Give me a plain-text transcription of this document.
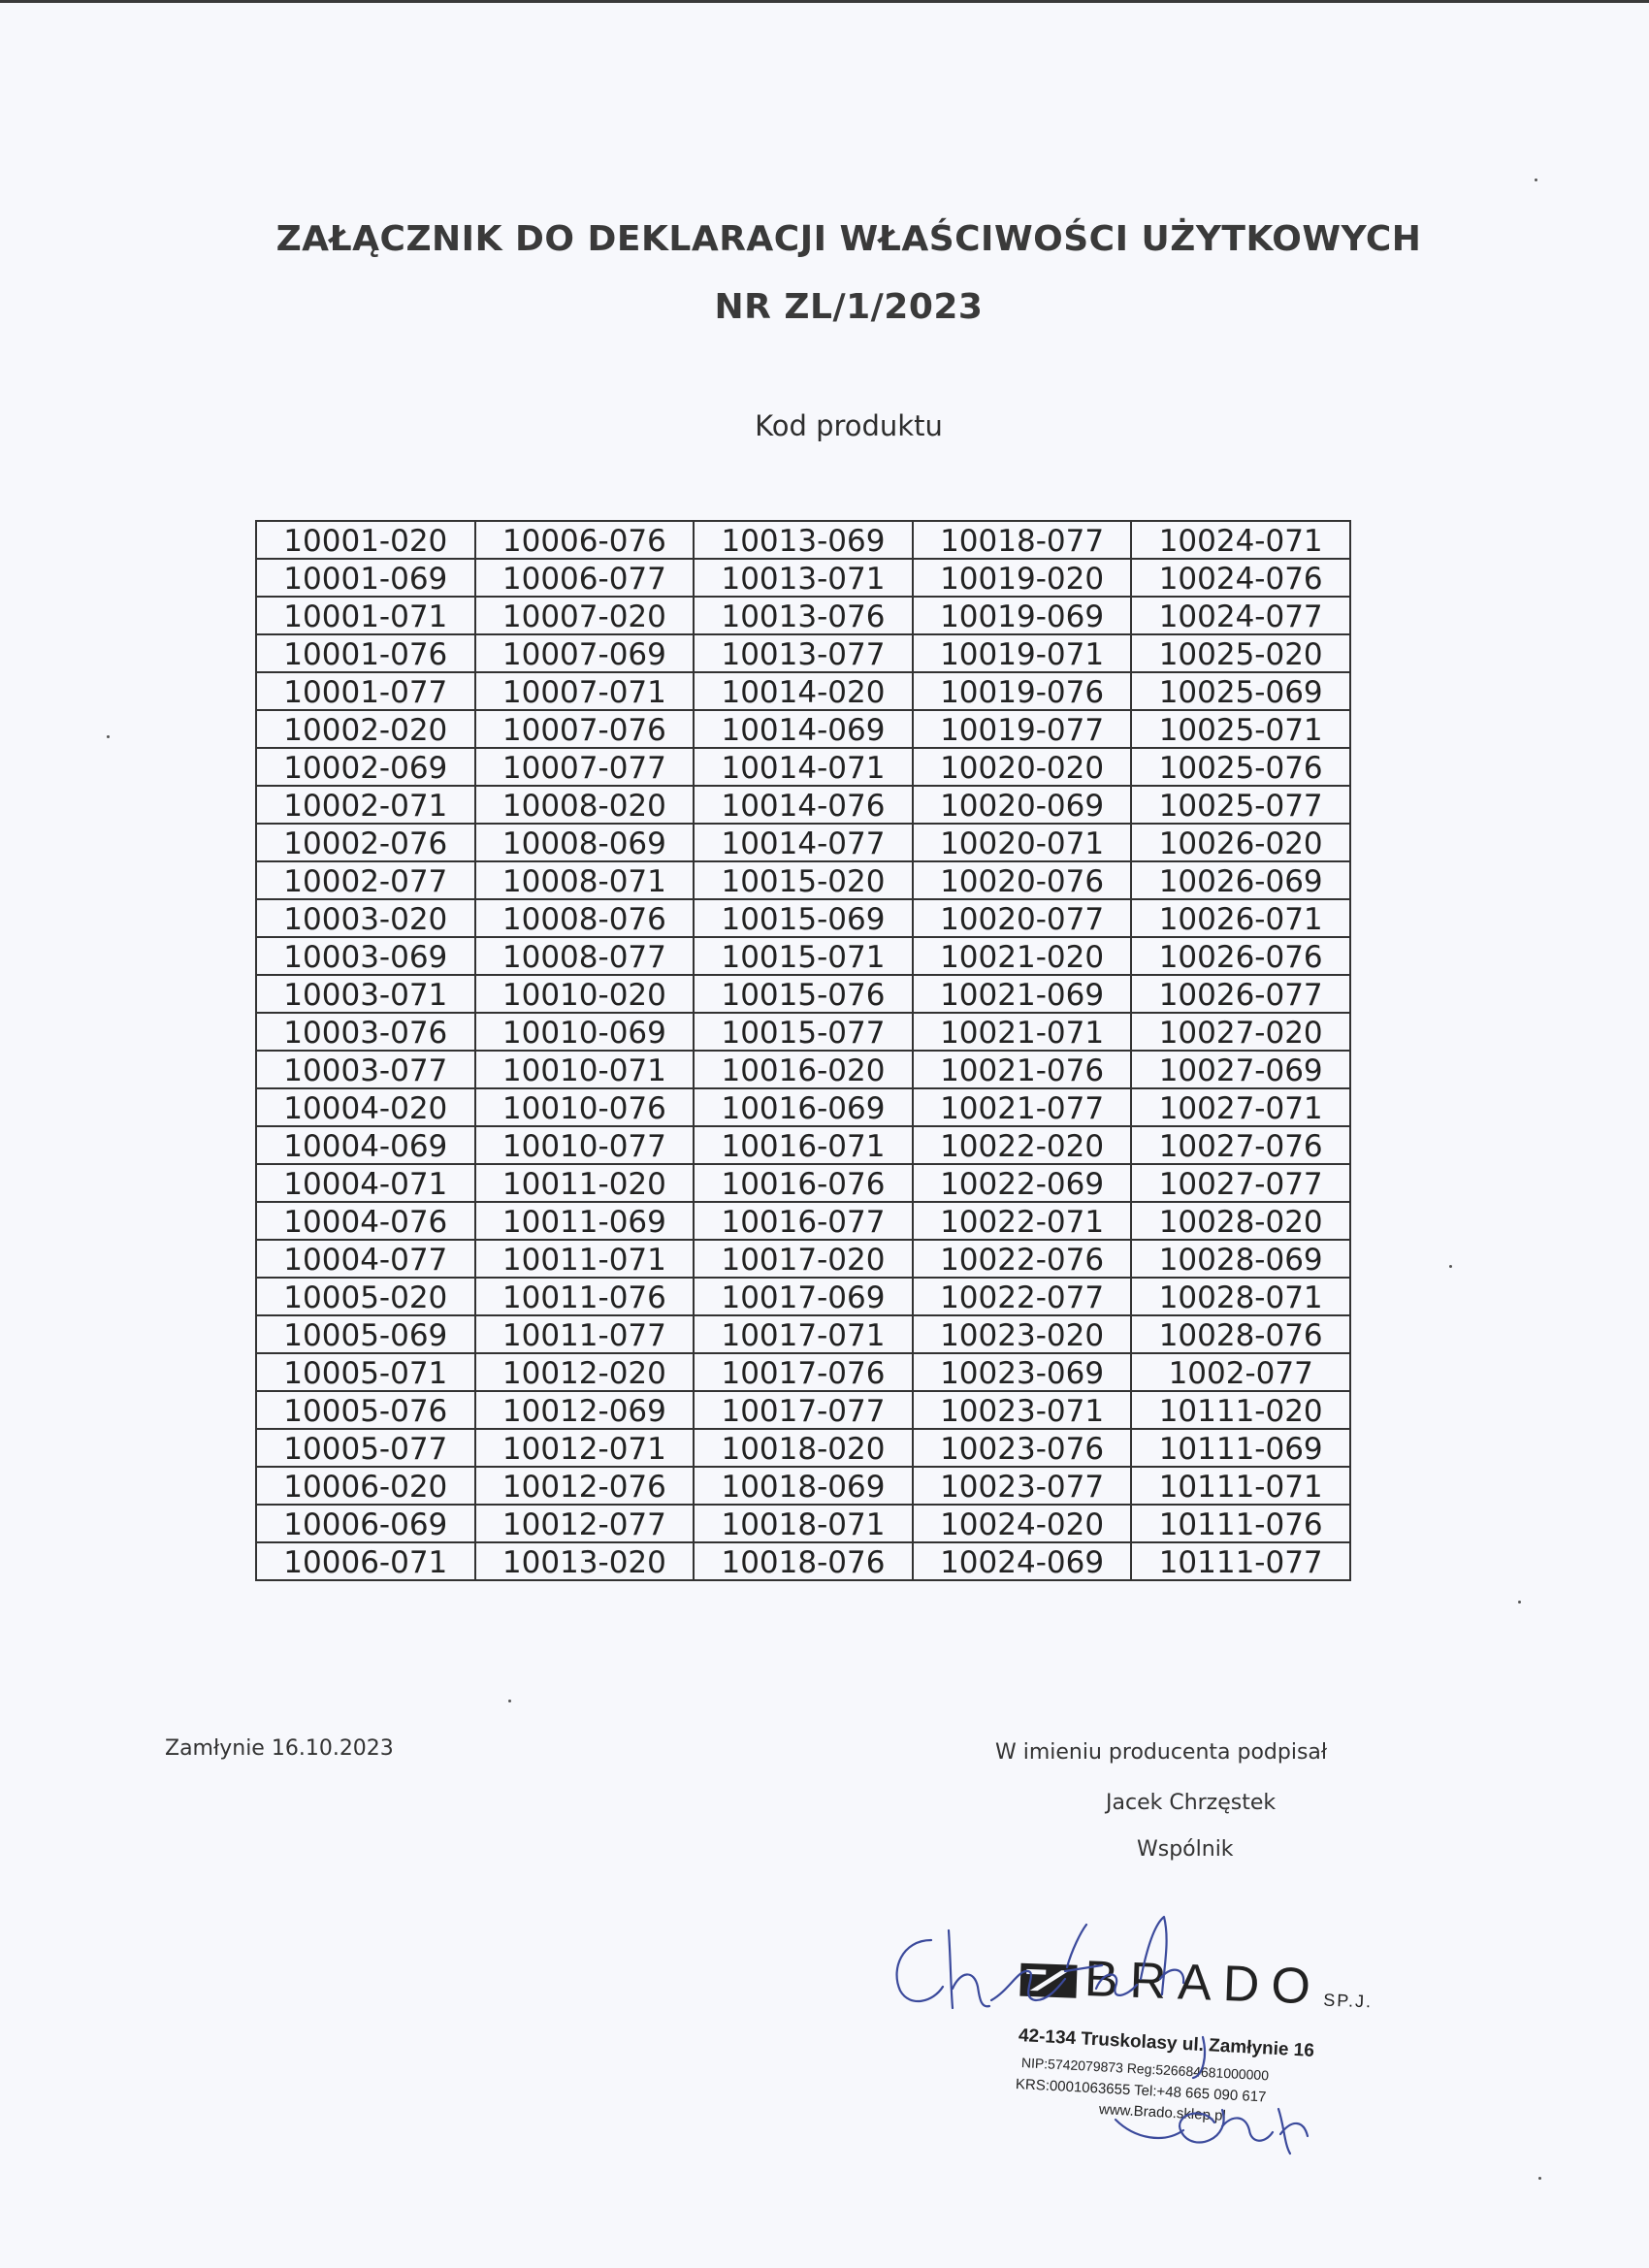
ZAŁĄCZNIK DO DEKLARACJI WŁAŚCIWOŚCI UŻYTKOWYCH
NR ZL/1/2023
Kod produktu
10001-020	10006-076	10013-069	10018-077	10024-071
10001-069	10006-077	10013-071	10019-020	10024-076
10001-071	10007-020	10013-076	10019-069	10024-077
10001-076	10007-069	10013-077	10019-071	10025-020
10001-077	10007-071	10014-020	10019-076	10025-069
10002-020	10007-076	10014-069	10019-077	10025-071
10002-069	10007-077	10014-071	10020-020	10025-076
10002-071	10008-020	10014-076	10020-069	10025-077
10002-076	10008-069	10014-077	10020-071	10026-020
10002-077	10008-071	10015-020	10020-076	10026-069
10003-020	10008-076	10015-069	10020-077	10026-071
10003-069	10008-077	10015-071	10021-020	10026-076
10003-071	10010-020	10015-076	10021-069	10026-077
10003-076	10010-069	10015-077	10021-071	10027-020
10003-077	10010-071	10016-020	10021-076	10027-069
10004-020	10010-076	10016-069	10021-077	10027-071
10004-069	10010-077	10016-071	10022-020	10027-076
10004-071	10011-020	10016-076	10022-069	10027-077
10004-076	10011-069	10016-077	10022-071	10028-020
10004-077	10011-071	10017-020	10022-076	10028-069
10005-020	10011-076	10017-069	10022-077	10028-071
10005-069	10011-077	10017-071	10023-020	10028-076
10005-071	10012-020	10017-076	10023-069	1002-077
10005-076	10012-069	10017-077	10023-071	10111-020
10005-077	10012-071	10018-020	10023-076	10111-069
10006-020	10012-076	10018-069	10023-077	10111-071
10006-069	10012-077	10018-071	10024-020	10111-076
10006-071	10013-020	10018-076	10024-069	10111-077
Zamłynie 16.10.2023	W imieniu producenta podpisał
Jacek Chrzęstek
Wspólnik
BRADO SP.J.
42-134 Truskolasy ul. Zamłynie 16
NIP:5742079873 Reg:526684681000000
KRS:0001063655 Tel:+48 665 090 617
www.Brado.sklep.pl
